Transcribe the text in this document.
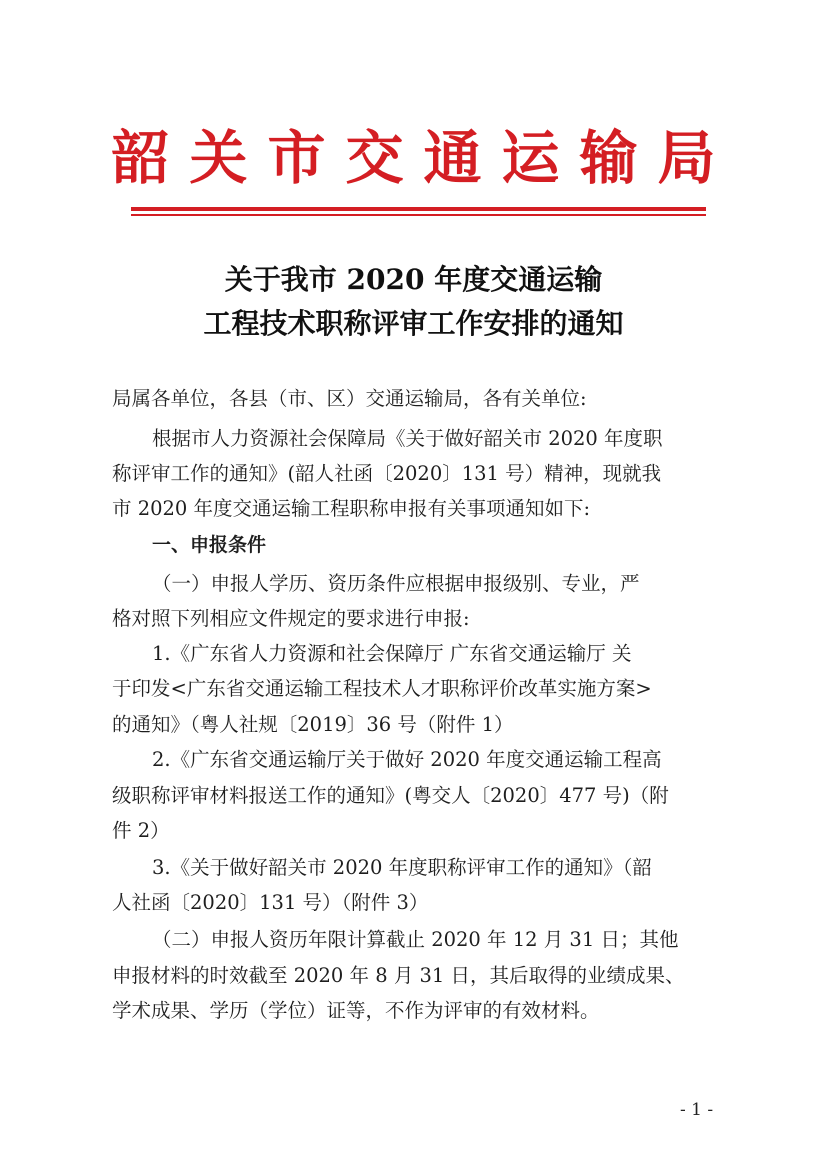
韶关市交通运输局
关于我市 2020 年度交通运输
工程技术职称评审工作安排的通知
局属各单位，各县（市、区）交通运输局，各有关单位:
根据市人力资源社会保障局《关于做好韶关市 2020 年度职
称评审工作的通知》(韶人社函〔2020〕131 号）精神，现就我
市 2020 年度交通运输工程职称申报有关事项通知如下:
一、申报条件
（一）申报人学历、资历条件应根据申报级别、专业，严
格对照下列相应文件规定的要求进行申报:
1.《广东省人力资源和社会保障厅 广东省交通运输厅 关
于印发<广东省交通运输工程技术人才职称评价改革实施方案>
的通知》（粤人社规〔2019〕36 号（附件 1）
2.《广东省交通运输厅关于做好 2020 年度交通运输工程高
级职称评审材料报送工作的通知》(粤交人〔2020〕477 号)（附
件 2）
3.《关于做好韶关市 2020 年度职称评审工作的通知》（韶
人社函〔2020〕131 号）（附件 3）
（二）申报人资历年限计算截止 2020 年 12 月 31 日；其他
申报材料的时效截至 2020 年 8 月 31 日，其后取得的业绩成果、
学术成果、学历（学位）证等，不作为评审的有效材料。
- 1 -
